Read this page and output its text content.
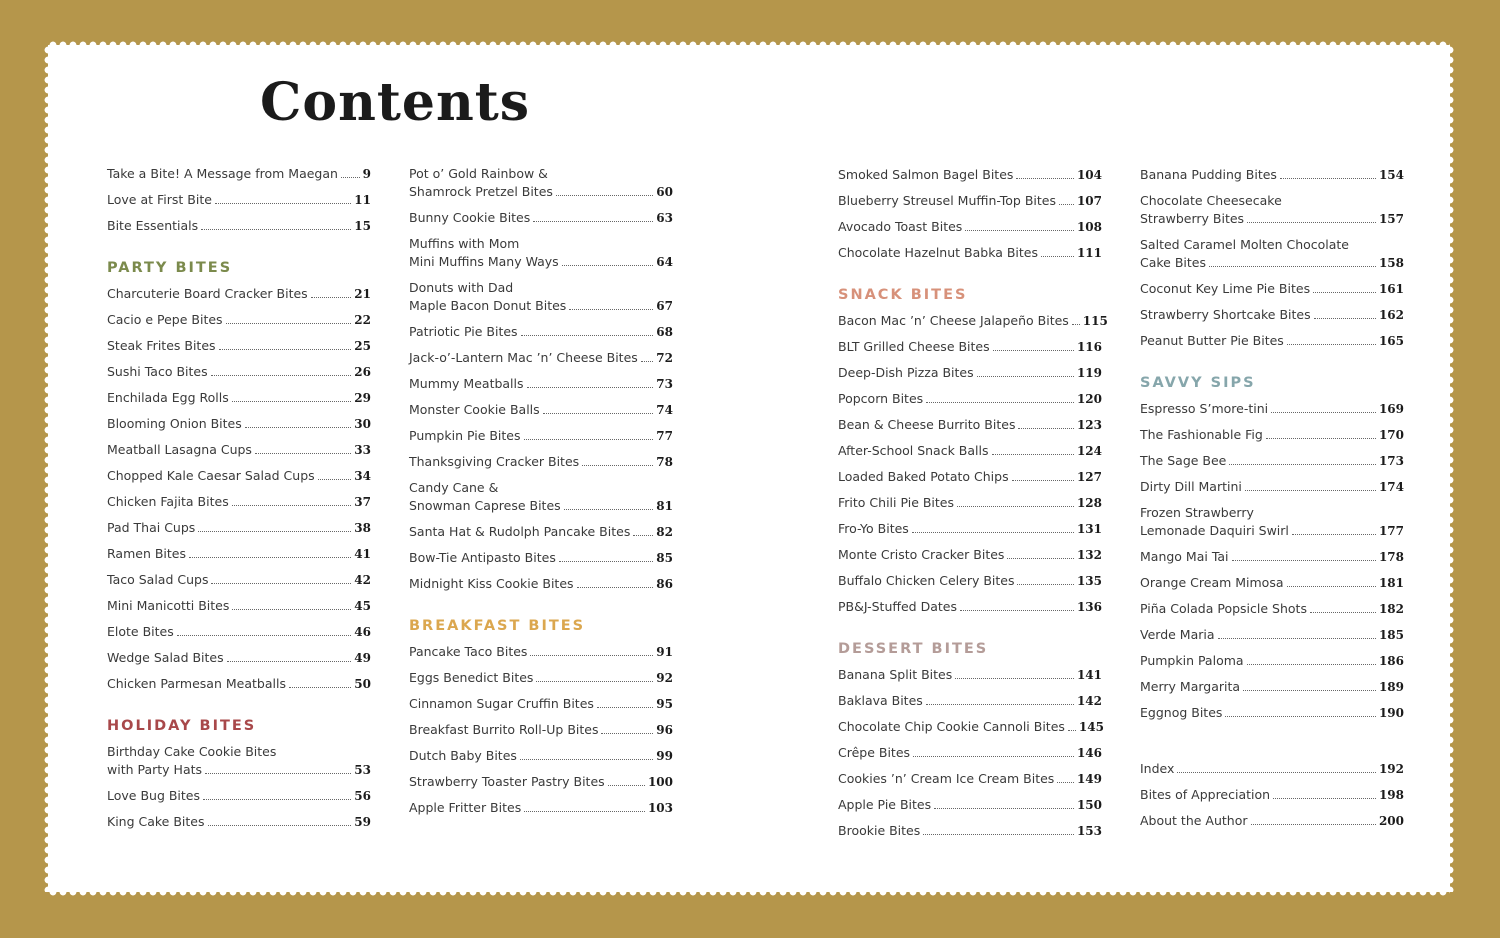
Contents
Take a Bite! A Message from Maegan 9
Love at First Bite	11
Bite Essentials	15
PARTY BITES
Charcuterie Board Cracker Bites	21
Cacio e Pepe Bites	22
Steak Frites Bites	25
Sushi Taco Bites	26
Enchilada Egg Rolls	29
Blooming Onion Bites	30
Meatball Lasagna Cups	33
Chopped Kale Caesar Salad Cups	34
Chicken Fajita Bites	37
Pad Thai Cups	38
Ramen Bites	41
Taco Salad Cups	42
Mini Manicotti Bites	45
Elote Bites	46
Wedge Salad Bites	49
Chicken Parmesan Meatballs	50
HOLIDAY BITES
Birthday Cake Cookie Bites
with Party Hats	53
Love Bug Bites	56
King Cake Bites	59
Pot o’ Gold Rainbow &
Shamrock Pretzel Bites	60
Bunny Cookie Bites	63
Muffins with Mom
Mini Muffins Many Ways	64
Donuts with Dad
Maple Bacon Donut Bites	67
Patriotic Pie Bites	68
Jack-o’-Lantern Mac ’n’ Cheese Bites 72
Mummy Meatballs	73
Monster Cookie Balls	74
Pumpkin Pie Bites	77
Thanksgiving Cracker Bites	78
Candy Cane &
Snowman Caprese Bites	81
Santa Hat & Rudolph Pancake Bites 82
Bow-Tie Antipasto Bites	85
Midnight Kiss Cookie Bites	86
BREAKFAST BITES
Pancake Taco Bites	91
Eggs Benedict Bites	92
Cinnamon Sugar Cruffin Bites	95
Breakfast Burrito Roll-Up Bites	96
Dutch Baby Bites	99
Strawberry Toaster Pastry Bites	100
Apple Fritter Bites	103
Smoked Salmon Bagel Bites	104
Blueberry Streusel Muffin-Top Bites 107
Avocado Toast Bites	108
Chocolate Hazelnut Babka Bites	111
SNACK BITES
Bacon Mac ’n’ Cheese Jalapeño Bites 115
BLT Grilled Cheese Bites	116
Deep-Dish Pizza Bites	119
Popcorn Bites	120
Bean & Cheese Burrito Bites	123
After-School Snack Balls	124
Loaded Baked Potato Chips	127
Frito Chili Pie Bites	128
Fro-Yo Bites	131
Monte Cristo Cracker Bites	132
Buffalo Chicken Celery Bites	135
PB&J-Stuffed Dates	136
DESSERT BITES
Banana Split Bites	141
Baklava Bites	142
Chocolate Chip Cookie Cannoli Bites 145
Crêpe Bites	146
Cookies ’n’ Cream Ice Cream Bites 149
Apple Pie Bites	150
Brookie Bites	153
Banana Pudding Bites	154
Chocolate Cheesecake
Strawberry Bites	157
Salted Caramel Molten Chocolate
Cake Bites	158
Coconut Key Lime Pie Bites	161
Strawberry Shortcake Bites	162
Peanut Butter Pie Bites	165
SAVVY SIPS
Espresso S’more-tini	169
The Fashionable Fig	170
The Sage Bee	173
Dirty Dill Martini	174
Frozen Strawberry
Lemonade Daquiri Swirl	177
Mango Mai Tai	178
Orange Cream Mimosa	181
Piña Colada Popsicle Shots	182
Verde Maria	185
Pumpkin Paloma	186
Merry Margarita	189
Eggnog Bites	190
Index	192
Bites of Appreciation	198
About the Author	200
